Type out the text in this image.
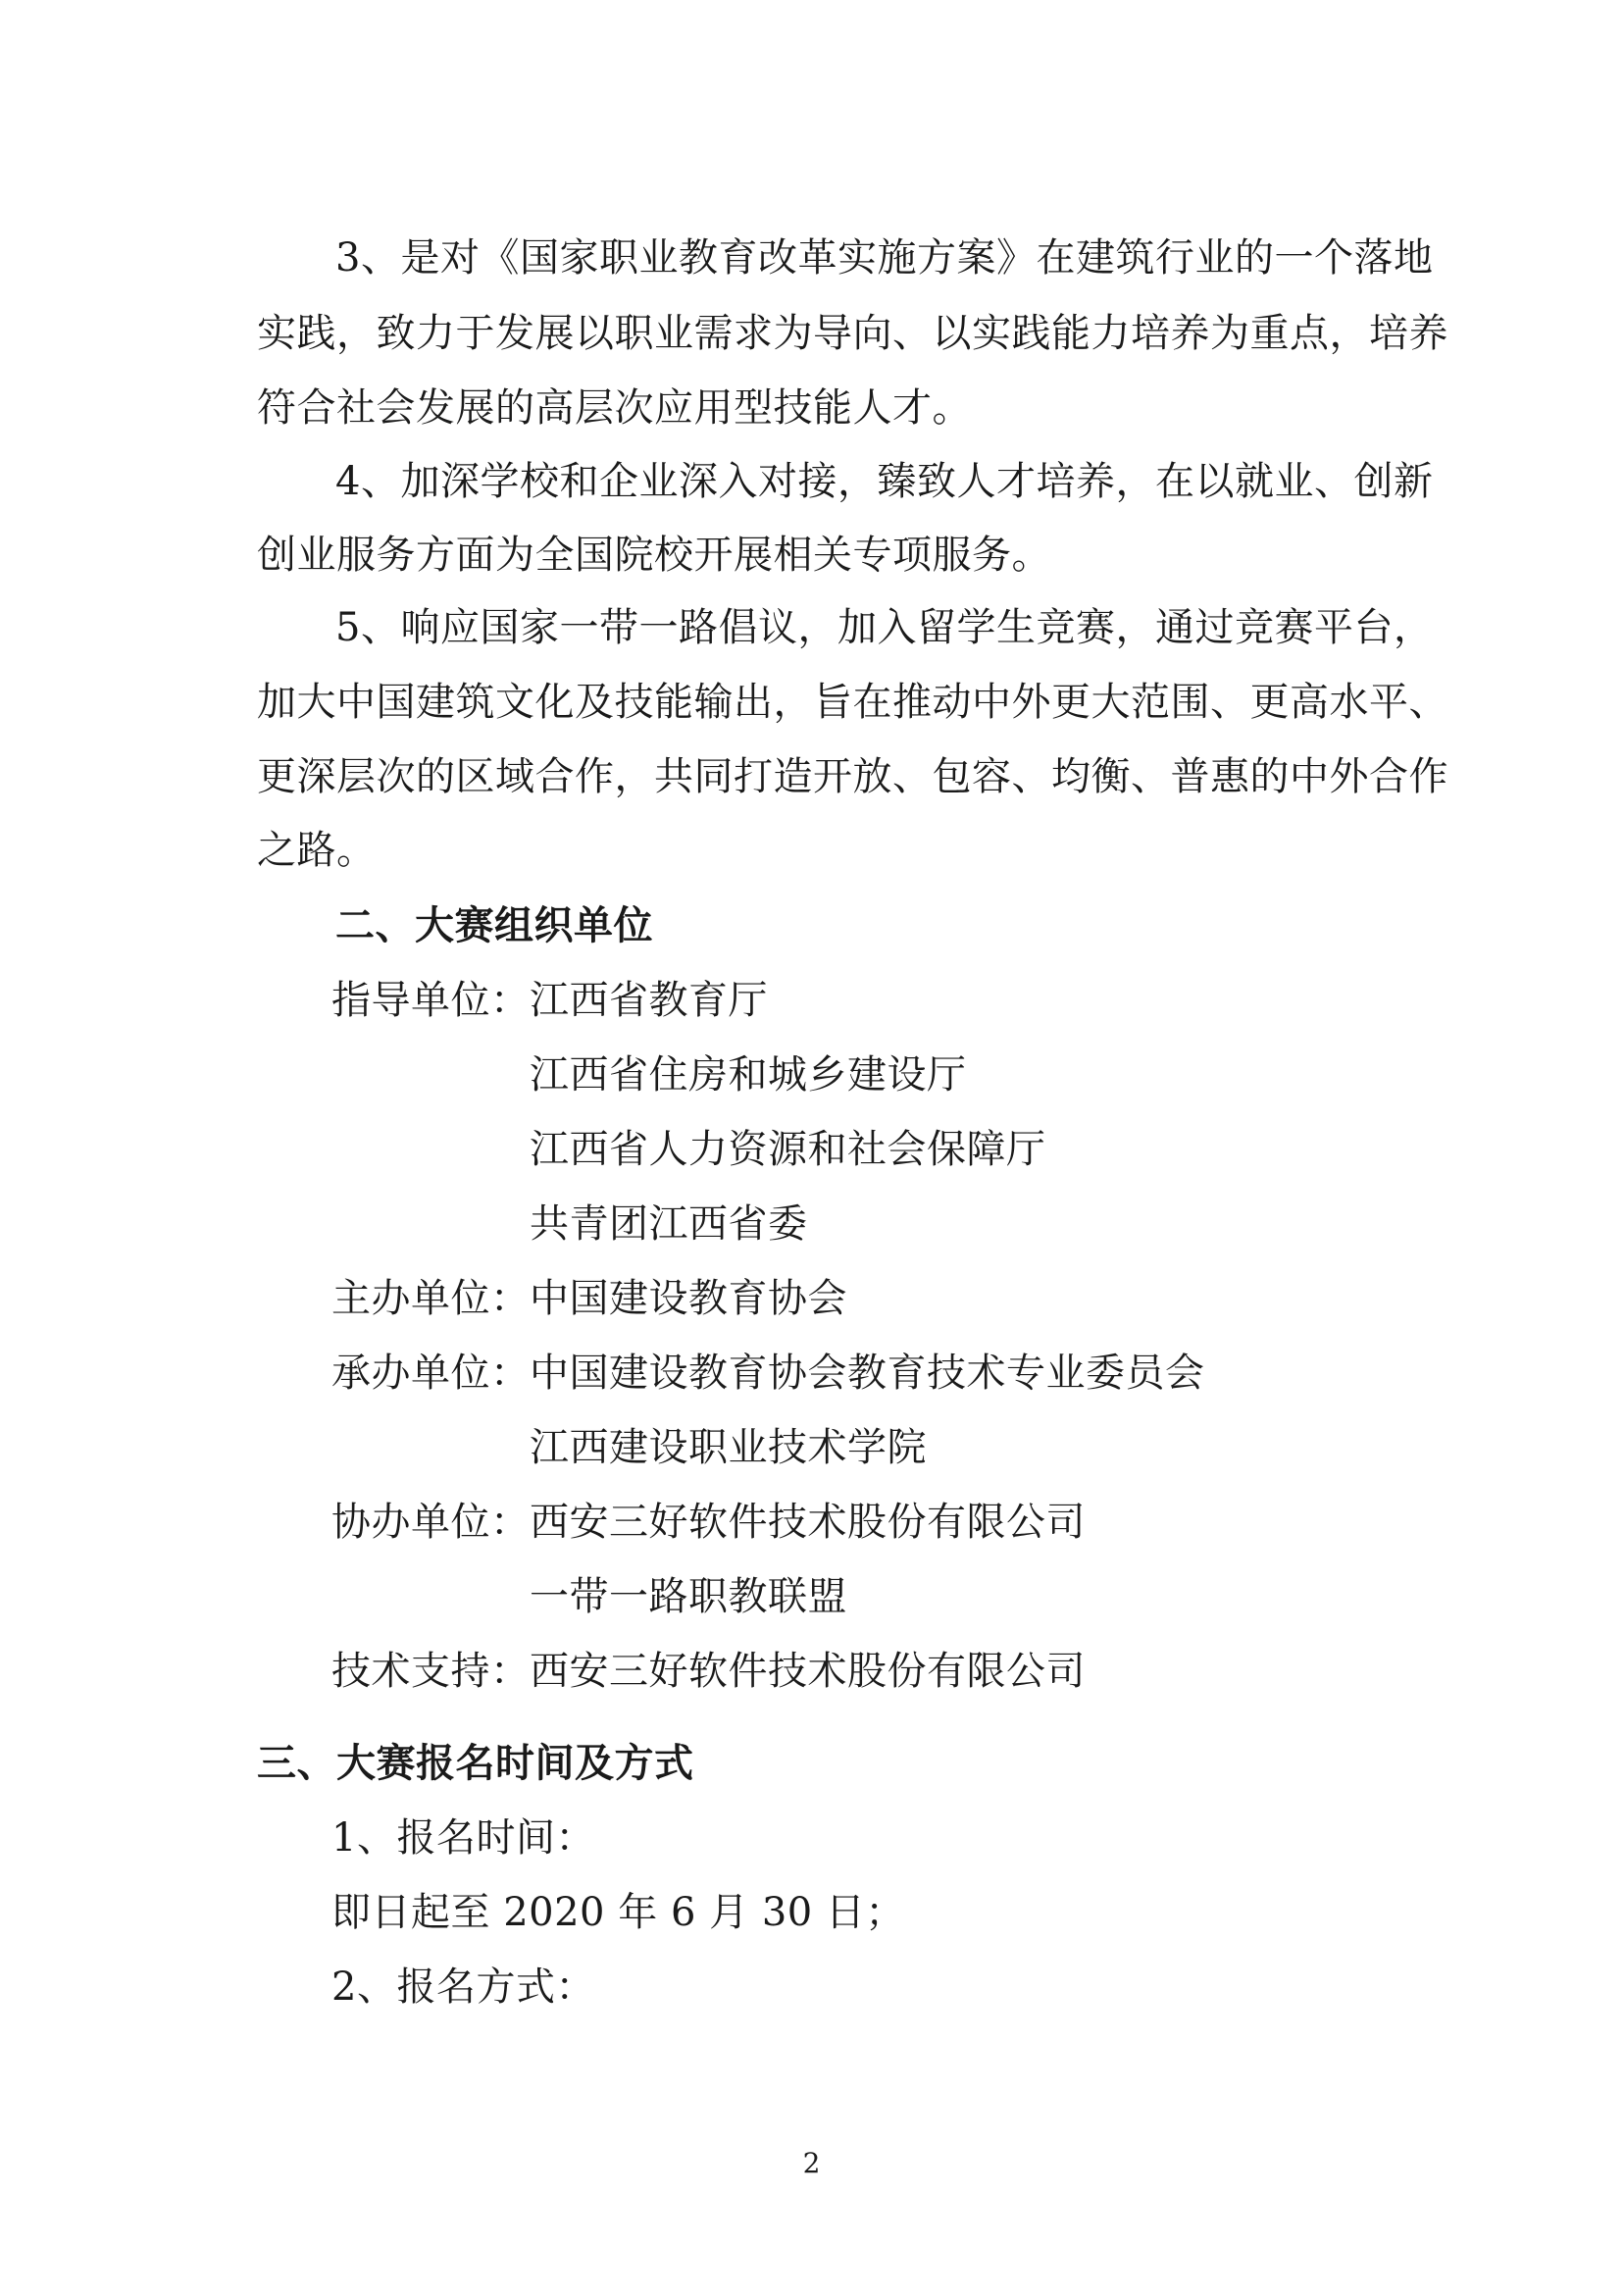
3、是对《国家职业教育改革实施方案》在建筑行业的一个落地
实践，致力于发展以职业需求为导向、以实践能力培养为重点，培养
符合社会发展的高层次应用型技能人才。
4、加深学校和企业深入对接，臻致人才培养，在以就业、创新
创业服务方面为全国院校开展相关专项服务。
5、响应国家一带一路倡议，加入留学生竞赛，通过竞赛平台，
加大中国建筑文化及技能输出，旨在推动中外更大范围、更高水平、
更深层次的区域合作，共同打造开放、包容、均衡、普惠的中外合作
之路。
二、大赛组织单位
指导单位： 江西省教育厅
江西省住房和城乡建设厅
江西省人力资源和社会保障厅
共青团江西省委
主办单位： 中国建设教育协会
承办单位： 中国建设教育协会教育技术专业委员会
江西建设职业技术学院
协办单位： 西安三好软件技术股份有限公司
一带一路职教联盟
技术支持： 西安三好软件技术股份有限公司
三、大赛报名时间及方式
1、报名时间：
即日起至 2020 年 6 月 30 日；
2、报名方式：
2
